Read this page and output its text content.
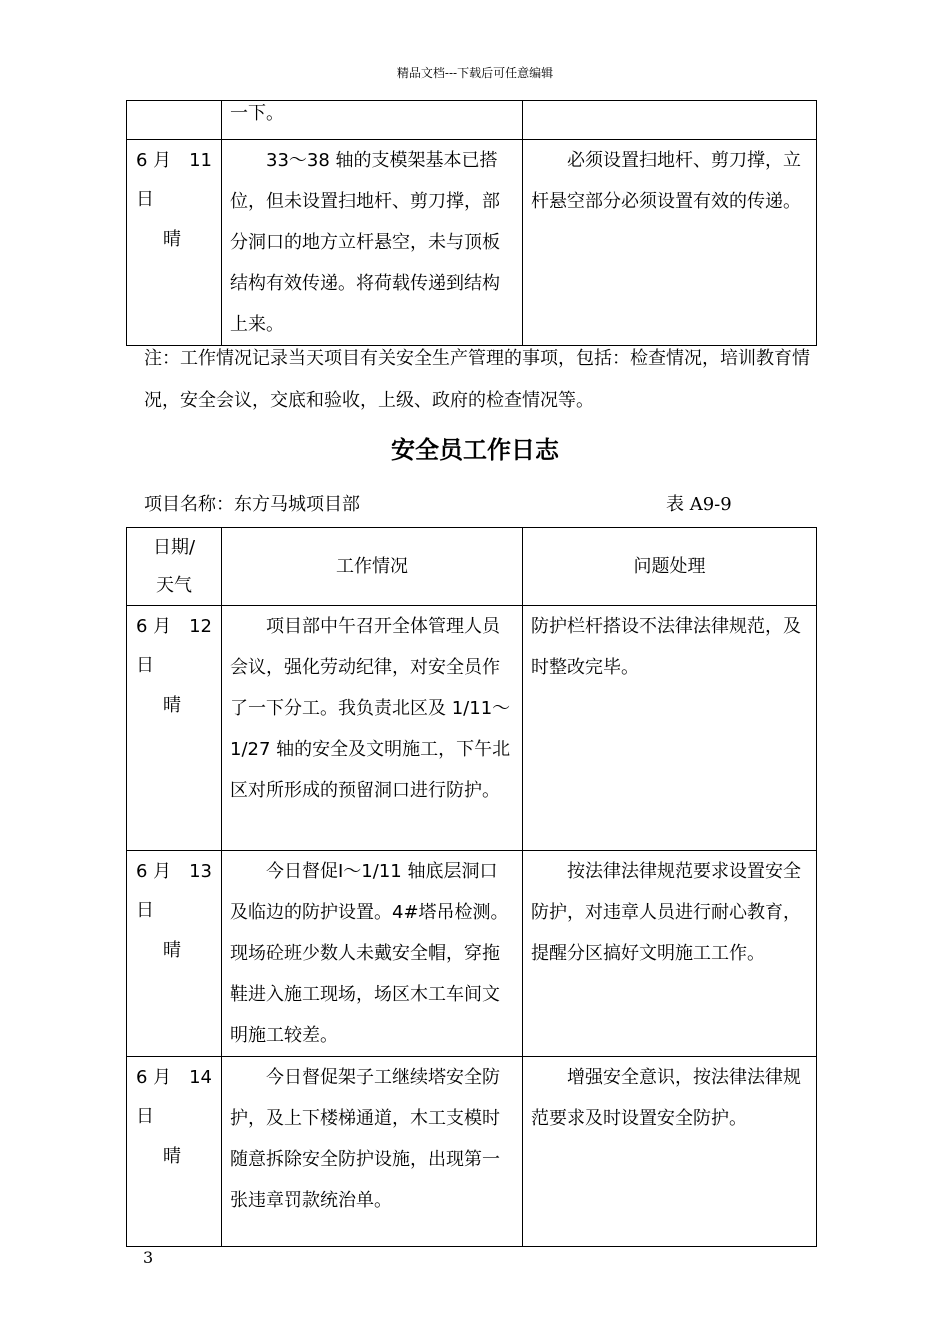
精品文档---下载后可任意编辑
	一下。	

6 月 11
日
晴	33～38 轴的支模架基本已搭位，但未设置扫地杆、剪刀撑，部分洞口的地方立杆悬空，未与顶板结构有效传递。将荷载传递到结构上来。	必须设置扫地杆、剪刀撑，立杆悬空部分必须设置有效的传递。
注：工作情况记录当天项目有关安全生产管理的事项，包括：检查情况，培训教育情况，安全会议，交底和验收，上级、政府的检查情况等。
安全员工作日志
项目名称：东方马城项目部	表 A9-9
日期/
天气	工作情况	问题处理

6 月 12
日
晴	项目部中午召开全体管理人员会议，强化劳动纪律，对安全员作了一下分工。我负责北区及 1/11～1/27 轴的安全及文明施工，下午北区对所形成的预留洞口进行防护。	防护栏杆搭设不法律法律规范，及时整改完毕。

6 月 13
日
晴	今日督促Ⅰ～1/11 轴底层洞口及临边的防护设置。4#塔吊检测。现场砼班少数人未戴安全帽，穿拖鞋进入施工现场，场区木工车间文明施工较差。	按法律法律规范要求设置安全防护，对违章人员进行耐心教育，提醒分区搞好文明施工工作。

6 月 14
日
晴	今日督促架子工继续塔安全防护，及上下楼梯通道，木工支模时随意拆除安全防护设施，出现第一张违章罚款统治单。	增强安全意识，按法律法律规范要求及时设置安全防护。
3
